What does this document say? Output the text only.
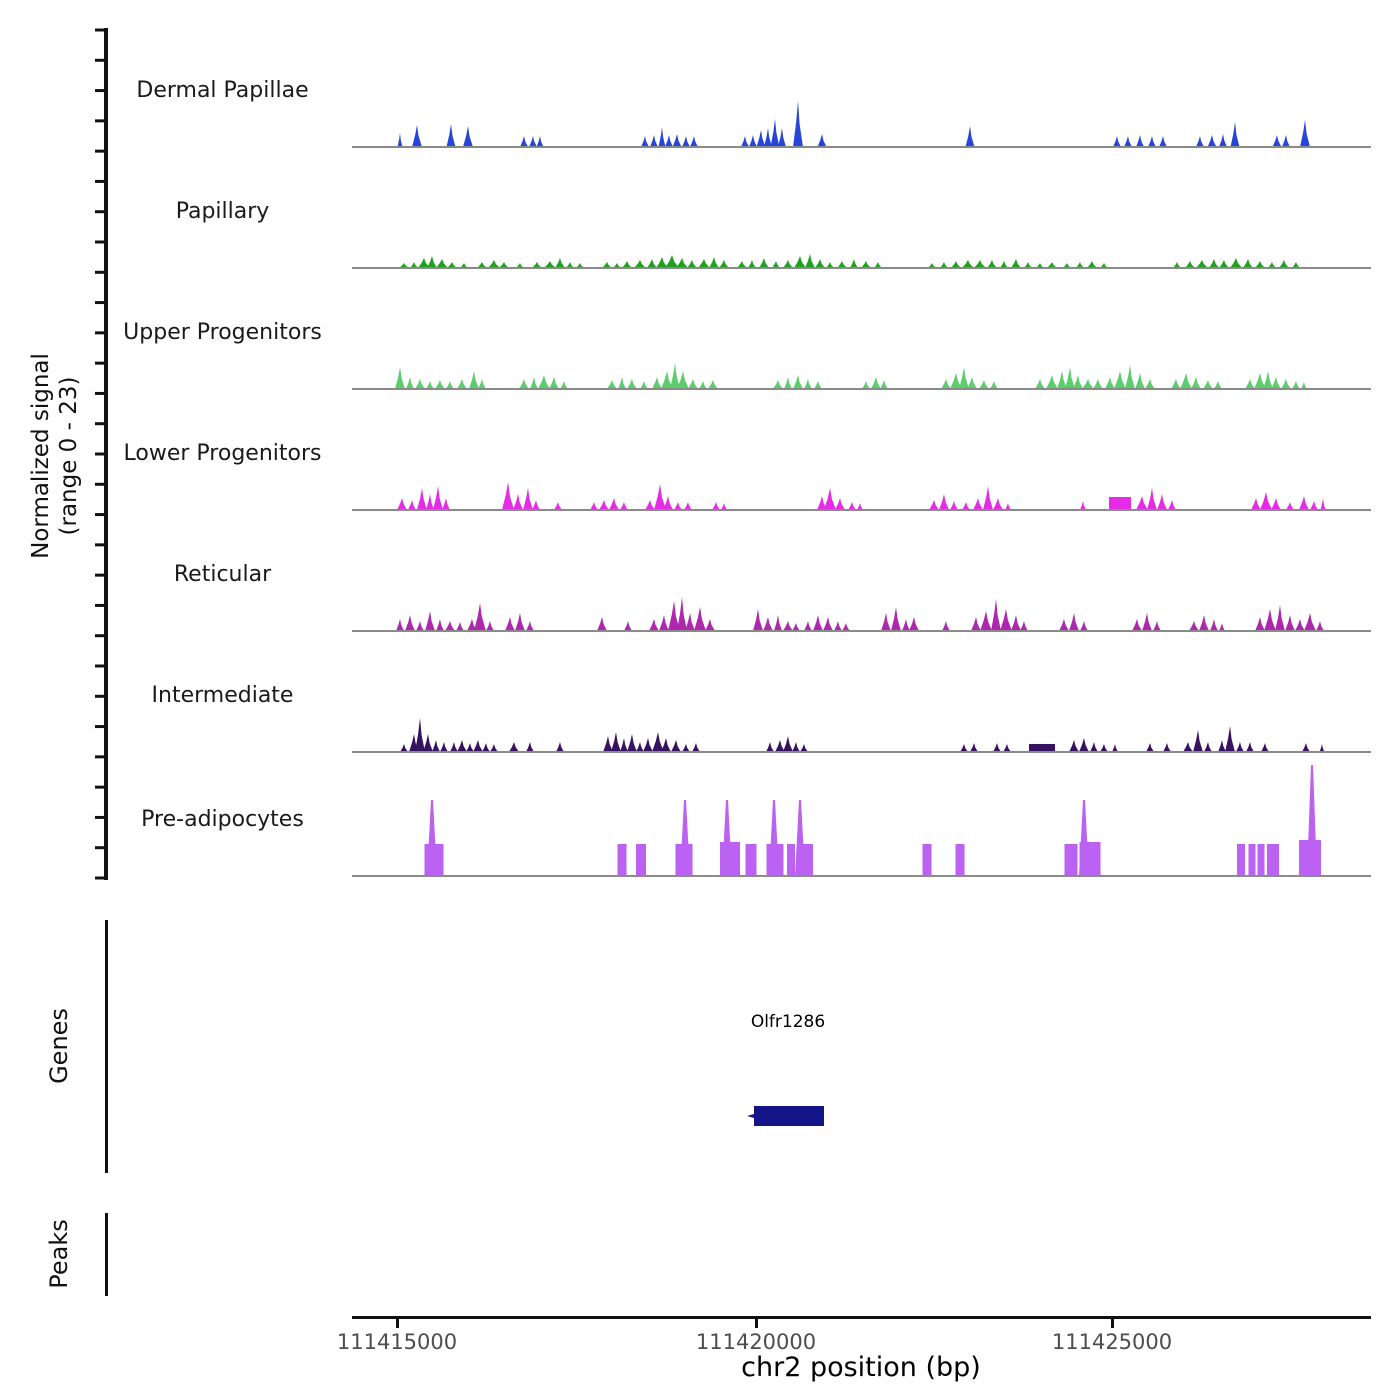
Normalized signal (range 0 - 23)
Dermal Papillae
Papillary
Upper Progenitors
Lower Progenitors
Reticular
Intermediate
Pre-adipocytes
Genes	Olfr1286
Peaks
111415000	111420000	111425000
chr2 position (bp)
